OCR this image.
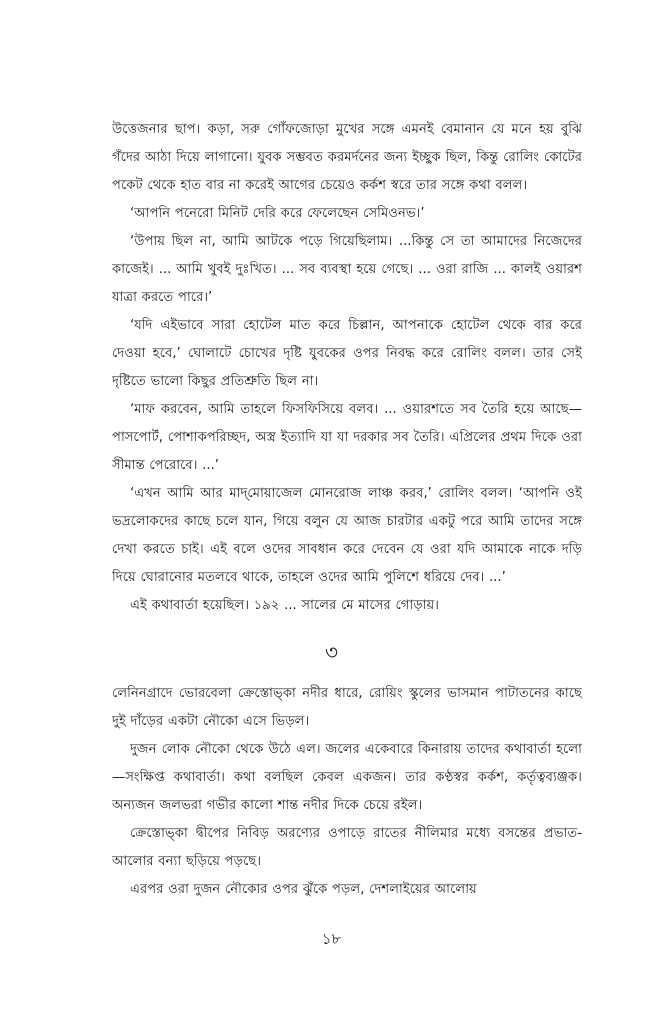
উত্তেজনার ছাপ। কড়া, সরু গোঁফজোড়া মুখের সঙ্গে এমনই বেমানান যে মনে হয় বুঝি গঁদের আঠা দিয়ে লাগানো। যুবক সম্ভবত করমর্দনের জন্য ইচ্ছুক ছিল, কিন্তু রোলিং কোটের পকেট থেকে হাত বার না করেই আগের চেয়েও কর্কশ স্বরে তার সঙ্গে কথা বলল।

‘আপনি পনেরো মিনিট দেরি করে ফেলেছেন সেমিওনভ।’

‘উপায় ছিল না, আমি আটকে পড়ে গিয়েছিলাম। ...কিন্তু সে তা আমাদের নিজেদের কাজেই। ... আমি খুবই দুঃখিত। ... সব ব্যবস্থা হয়ে গেছে। ... ওরা রাজি ... কালই ওয়ারশ যাত্রা করতে পারে।’

‘যদি এইভাবে সারা হোটেল মাত করে চিল্লান, আপনাকে হোটেল থেকে বার করে দেওয়া হবে,’ ঘোলাটে চোখের দৃষ্টি যুবকের ওপর নিবদ্ধ করে রোলিং বলল। তার সেই দৃষ্টিতে ভালো কিছুর প্রতিশ্রুতি ছিল না।

‘মাফ করবেন, আমি তাহলে ফিসফিসিয়ে বলব। ... ওয়ারশতে সব তৈরি হয়ে আছে—পাসপোর্ট, পোশাকপরিচ্ছদ, অস্ত্র ইত্যাদি যা যা দরকার সব তৈরি। এপ্রিলের প্রথম দিকে ওরা সীমান্ত পেরোবে। ...’

‘এখন আমি আর মাদ্‌মোয়াজেল মোনরোজ লাঞ্চ করব,’ রোলিং বলল। ‘আপনি ওই ভদ্রলোকদের কাছে চলে যান, গিয়ে বলুন যে আজ চারটার একটু পরে আমি তাদের সঙ্গে দেখা করতে চাই। এই বলে ওদের সাবধান করে দেবেন যে ওরা যদি আমাকে নাকে দড়ি দিয়ে ঘোরানোর মতলবে থাকে, তাহলে ওদের আমি পুলিশে ধরিয়ে দেব। ...’

এই কথাবার্তা হয়েছিল। ১৯২ ... সালের মে মাসের গোড়ায়।

৩

লেনিনগ্রাদে ভোরবেলা ক্রেস্তোভ্কা নদীর ধারে, রোয়িং স্কুলের ভাসমান পাটাতনের কাছে দুই দাঁড়ের একটা নৌকো এসে ভিড়ল।

দুজন লোক নৌকো থেকে উঠে এল। জলের একেবারে কিনারায় তাদের কথাবার্তা হলো—সংক্ষিপ্ত কথাবার্তা। কথা বলছিল কেবল একজন। তার কণ্ঠস্বর কর্কশ, কর্তৃত্বব্যঞ্জক। অন্যজন জলভরা গভীর কালো শান্ত নদীর দিকে চেয়ে রইল।

ক্রেস্তোভ্কা দ্বীপের নিবিড় অরণ্যের ওপাড়ে রাতের নীলিমার মধ্যে বসন্তের প্রভাত-আলোর বন্যা ছড়িয়ে পড়ছে।

এরপর ওরা দুজন নৌকোর ওপর ঝুঁকে পড়ল, দেশলাইয়ের আলোয়

১৮
